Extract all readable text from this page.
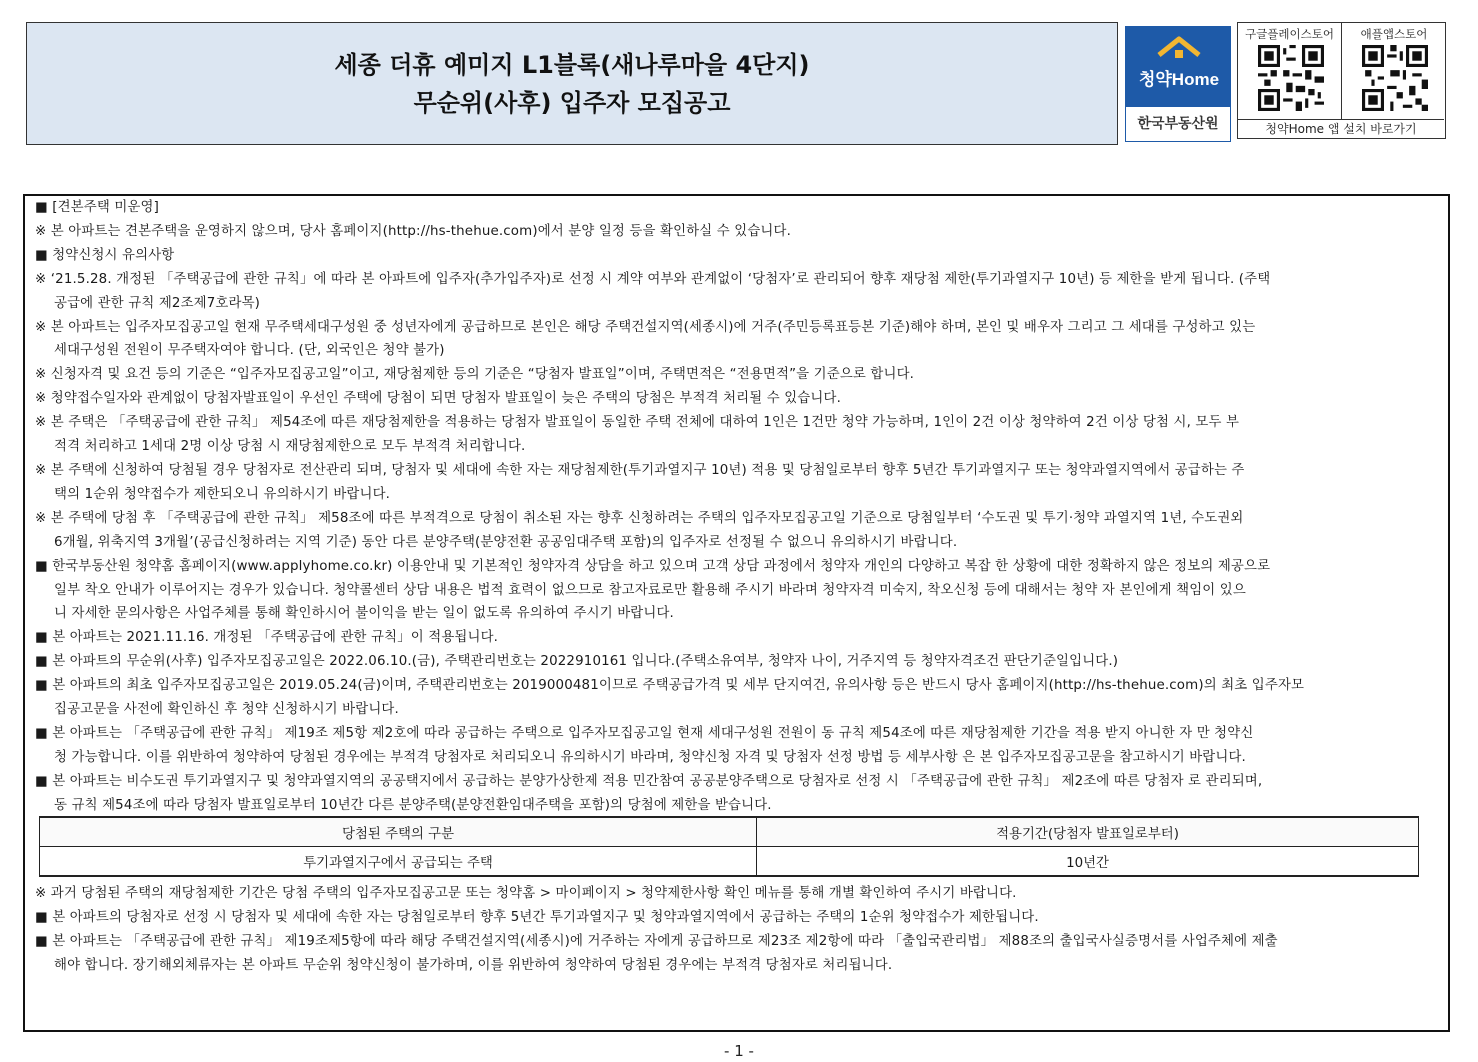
세종 더휴 예미지 L1블록(새나루마을 4단지)
무순위(사후) 입주자 모집공고
청약Home
한국부동산원
구글플레이스토어	애플앱스토어
청약Home 앱 설치 바로가기
■ [견본주택 미운영]
※ 본 아파트는 견본주택을 운영하지 않으며, 당사 홈페이지(http://hs-thehue.com)에서 분양 일정 등을 확인하실 수 있습니다.
■ 청약신청시 유의사항
※ ‘21.5.28. 개정된 「주택공급에 관한 규칙」에 따라 본 아파트에 입주자(추가입주자)로 선정 시 계약 여부와 관계없이 ‘당첨자’로 관리되어 향후 재당첨 제한(투기과열지구 10년) 등 제한을 받게 됩니다. (주택
공급에 관한 규칙 제2조제7호라목)
※ 본 아파트는 입주자모집공고일 현재 무주택세대구성원 중 성년자에게 공급하므로 본인은 해당 주택건설지역(세종시)에 거주(주민등록표등본 기준)해야 하며, 본인 및 배우자 그리고 그 세대를 구성하고 있는
세대구성원 전원이 무주택자여야 합니다. (단, 외국인은 청약 불가)
※ 신청자격 및 요건 등의 기준은 “입주자모집공고일”이고, 재당첨제한 등의 기준은 “당첨자 발표일”이며, 주택면적은 “전용면적”을 기준으로 합니다.
※ 청약접수일자와 관계없이 당첨자발표일이 우선인 주택에 당첨이 되면 당첨자 발표일이 늦은 주택의 당첨은 부적격 처리될 수 있습니다.
※ 본 주택은 「주택공급에 관한 규칙」 제54조에 따른 재당첨제한을 적용하는 당첨자 발표일이 동일한 주택 전체에 대하여 1인은 1건만 청약 가능하며, 1인이 2건 이상 청약하여 2건 이상 당첨 시, 모두 부
적격 처리하고 1세대 2명 이상 당첨 시 재당첨제한으로 모두 부적격 처리합니다.
※ 본 주택에 신청하여 당첨될 경우 당첨자로 전산관리 되며, 당첨자 및 세대에 속한 자는 재당첨제한(투기과열지구 10년) 적용 및 당첨일로부터 향후 5년간 투기과열지구 또는 청약과열지역에서 공급하는 주
택의 1순위 청약접수가 제한되오니 유의하시기 바랍니다.
※ 본 주택에 당첨 후 「주택공급에 관한 규칙」 제58조에 따른 부적격으로 당첨이 취소된 자는 향후 신청하려는 주택의 입주자모집공고일 기준으로 당첨일부터 ‘수도권 및 투기·청약 과열지역 1년, 수도권외
6개월, 위축지역 3개월’(공급신청하려는 지역 기준) 동안 다른 분양주택(분양전환 공공임대주택 포함)의 입주자로 선정될 수 없으니 유의하시기 바랍니다.
■ 한국부동산원 청약홈 홈페이지(www.applyhome.co.kr) 이용안내 및 기본적인 청약자격 상담을 하고 있으며 고객 상담 과정에서 청약자 개인의 다양하고 복잡 한 상황에 대한 정확하지 않은 정보의 제공으로
일부 착오 안내가 이루어지는 경우가 있습니다. 청약콜센터 상담 내용은 법적 효력이 없으므로 참고자료로만 활용해 주시기 바라며 청약자격 미숙지, 착오신청 등에 대해서는 청약 자 본인에게 책임이 있으
니 자세한 문의사항은 사업주체를 통해 확인하시어 불이익을 받는 일이 없도록 유의하여 주시기 바랍니다.
■ 본 아파트는 2021.11.16. 개정된 「주택공급에 관한 규칙」이 적용됩니다.
■ 본 아파트의 무순위(사후) 입주자모집공고일은 2022.06.10.(금), 주택관리번호는 2022910161 입니다.(주택소유여부, 청약자 나이, 거주지역 등 청약자격조건 판단기준일입니다.)
■ 본 아파트의 최초 입주자모집공고일은 2019.05.24(금)이며, 주택관리번호는 2019000481이므로 주택공급가격 및 세부 단지여건, 유의사항 등은 반드시 당사 홈페이지(http://hs-thehue.com)의 최초 입주자모
집공고문을 사전에 확인하신 후 청약 신청하시기 바랍니다.
■ 본 아파트는 「주택공급에 관한 규칙」 제19조 제5항 제2호에 따라 공급하는 주택으로 입주자모집공고일 현재 세대구성원 전원이 동 규칙 제54조에 따른 재당첨제한 기간을 적용 받지 아니한 자 만 청약신
청 가능합니다. 이를 위반하여 청약하여 당첨된 경우에는 부적격 당첨자로 처리되오니 유의하시기 바라며, 청약신청 자격 및 당첨자 선정 방법 등 세부사항 은 본 입주자모집공고문을 참고하시기 바랍니다.
■ 본 아파트는 비수도권 투기과열지구 및 청약과열지역의 공공택지에서 공급하는 분양가상한제 적용 민간참여 공공분양주택으로 당첨자로 선정 시 「주택공급에 관한 규칙」 제2조에 따른 당첨자 로 관리되며,
동 규칙 제54조에 따라 당첨자 발표일로부터 10년간 다른 분양주택(분양전환임대주택을 포함)의 당첨에 제한을 받습니다.
당첨된 주택의 구분	적용기간(당첨자 발표일로부터)
투기과열지구에서 공급되는 주택	10년간
※ 과거 당첨된 주택의 재당첨제한 기간은 당첨 주택의 입주자모집공고문 또는 청약홈 > 마이페이지 > 청약제한사항 확인 메뉴를 통해 개별 확인하여 주시기 바랍니다.
■ 본 아파트의 당첨자로 선정 시 당첨자 및 세대에 속한 자는 당첨일로부터 향후 5년간 투기과열지구 및 청약과열지역에서 공급하는 주택의 1순위 청약접수가 제한됩니다.
■ 본 아파트는 「주택공급에 관한 규칙」 제19조제5항에 따라 해당 주택건설지역(세종시)에 거주하는 자에게 공급하므로 제23조 제2항에 따라 「출입국관리법」 제88조의 출입국사실증명서를 사업주체에 제출
해야 합니다. 장기해외체류자는 본 아파트 무순위 청약신청이 불가하며, 이를 위반하여 청약하여 당첨된 경우에는 부적격 당첨자로 처리됩니다.
- 1 -
